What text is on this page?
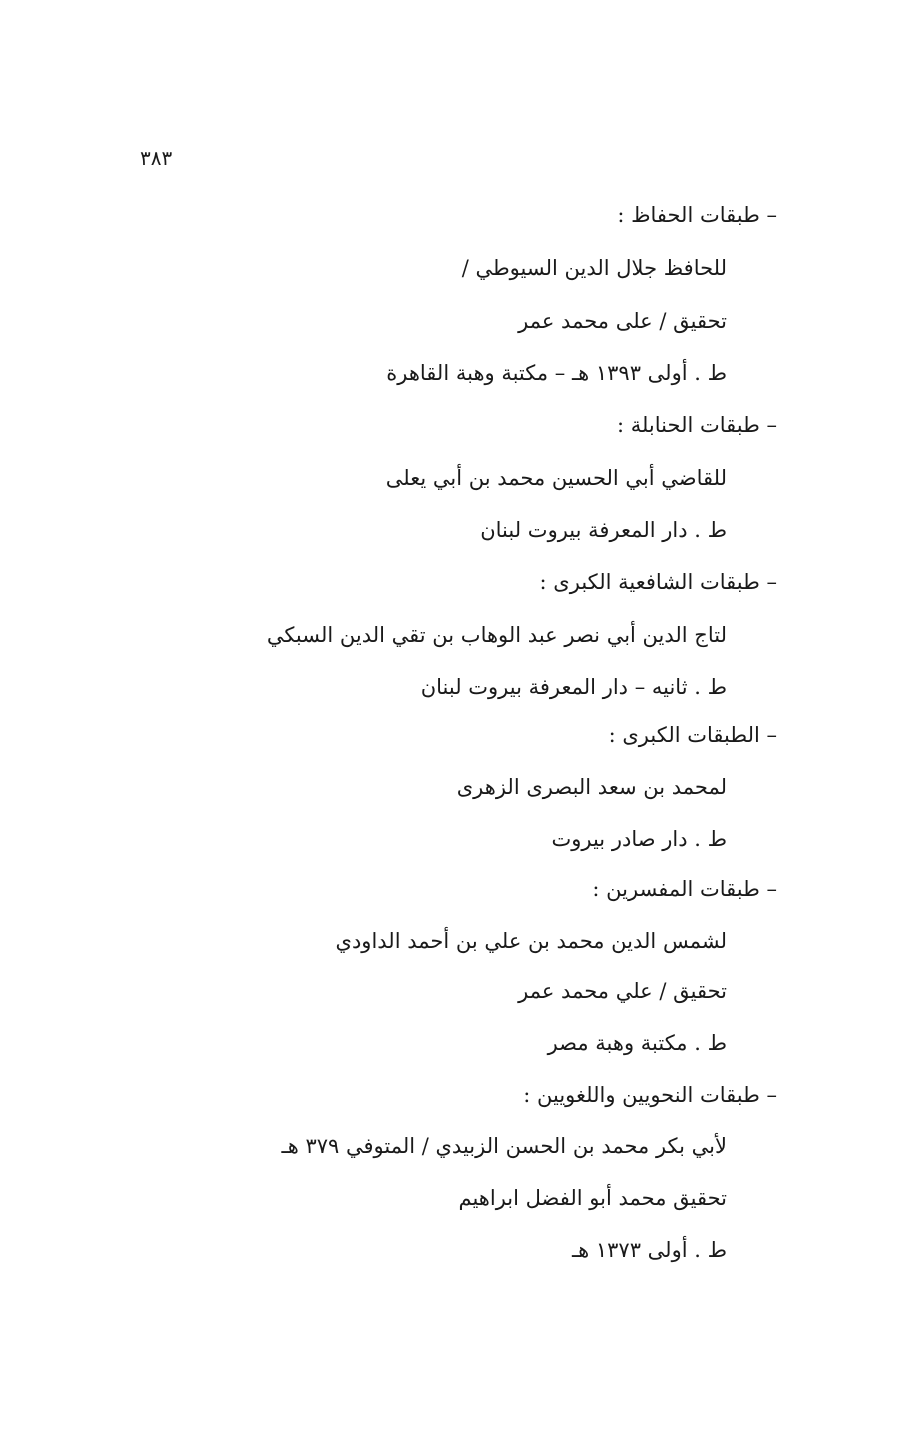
٣٨٣
– طبقات الحفاظ :
للحافظ جلال الدين السيوطي /
تحقيق / على محمد عمر
ط . أولى ١٣٩٣ هـ – مكتبة وهبة القاهرة
– طبقات الحنابلة :
للقاضي أبي الحسين محمد بن أبي يعلى
ط . دار المعرفة بيروت لبنان
– طبقات الشافعية الكبرى :
لتاج الدين أبي نصر عبد الوهاب بن تقي الدين السبكي
ط . ثانيه – دار المعرفة بيروت لبنان
– الطبقات الكبرى :
لمحمد بن سعد البصرى الزهرى
ط . دار صادر بيروت
– طبقات المفسرين :
لشمس الدين محمد بن علي بن أحمد الداودي
تحقيق / علي محمد عمر
ط . مكتبة وهبة مصر
– طبقات النحويين واللغويين :
لأبي بكر محمد بن الحسن الزبيدي / المتوفي ٣٧٩ هـ
تحقيق محمد أبو الفضل ابراهيم
ط . أولى ١٣٧٣ هـ
